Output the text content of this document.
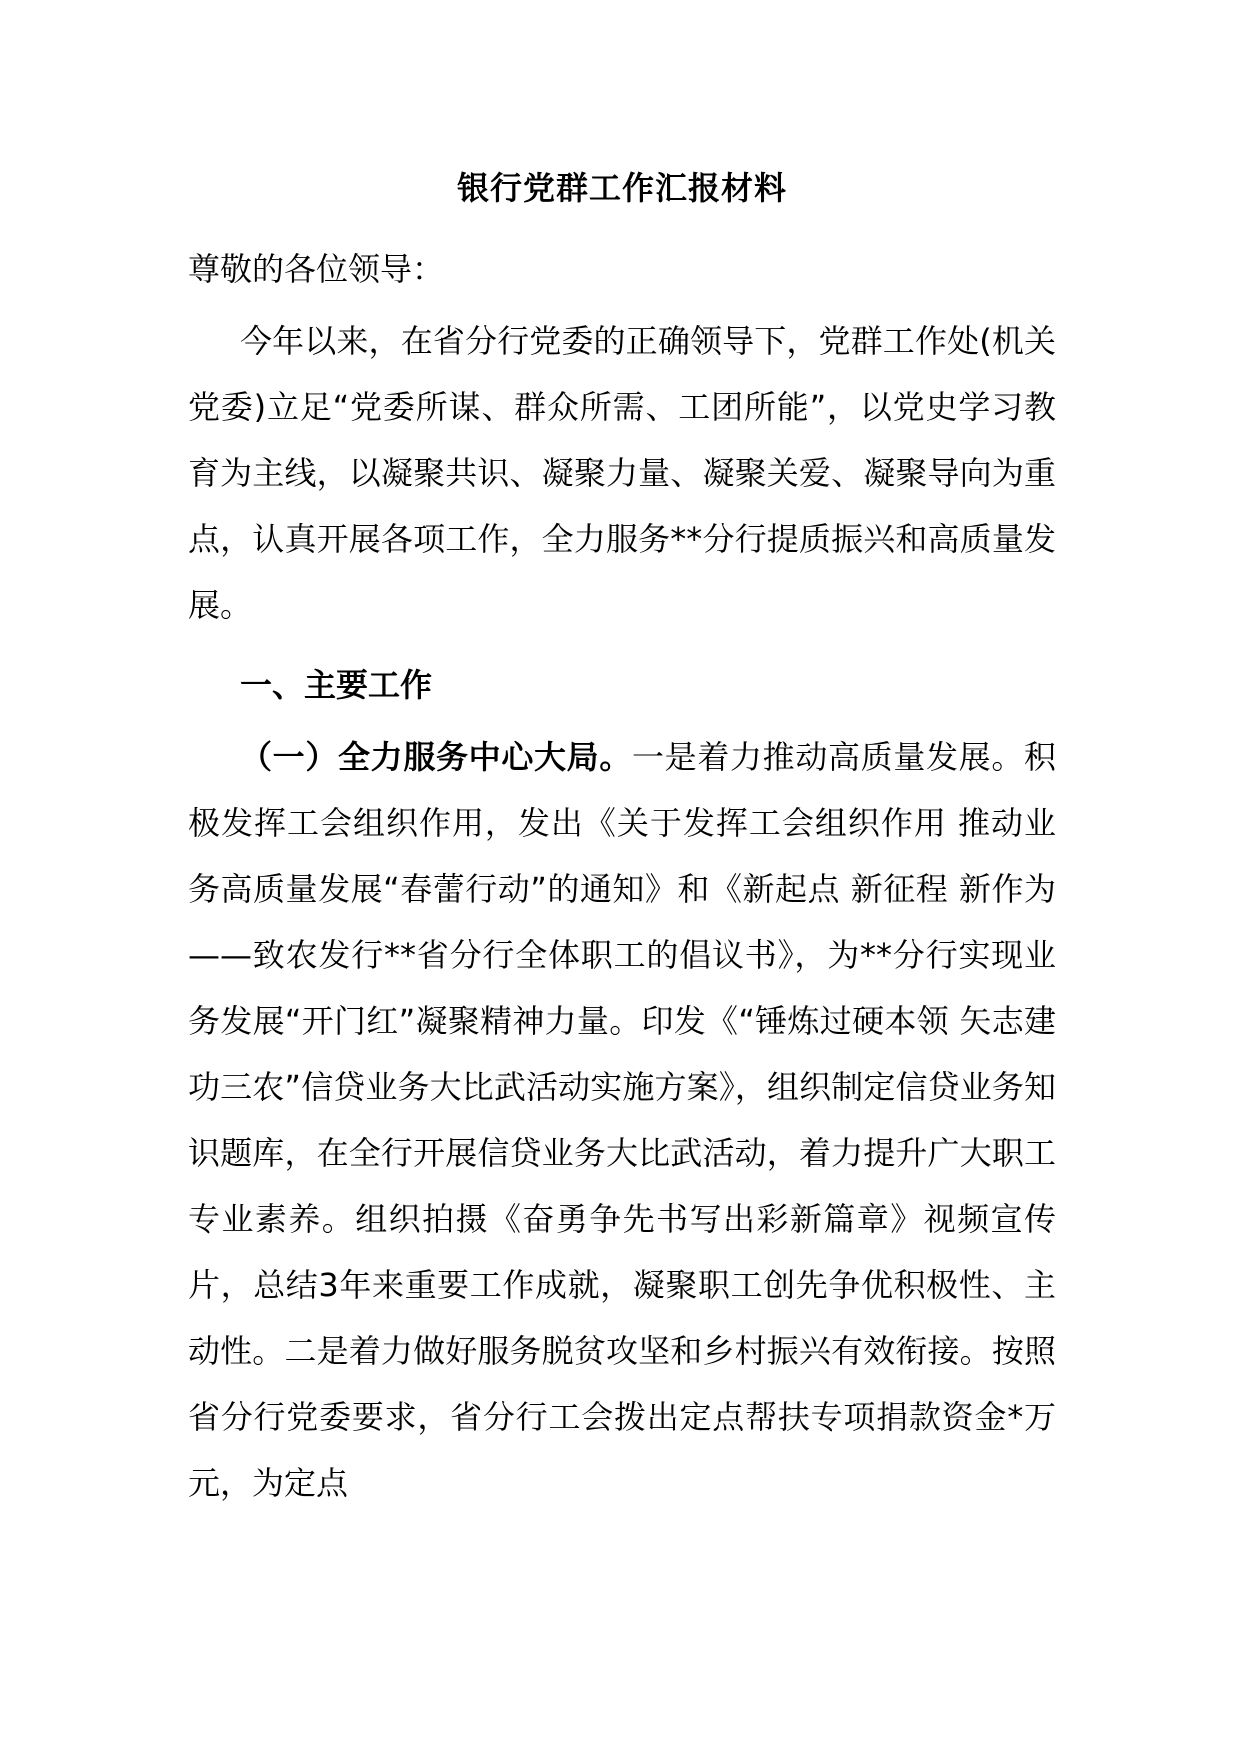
银行党群工作汇报材料

尊敬的各位领导：

今年以来，在省分行党委的正确领导下，党群工作处(机关党委)立足“党委所谋、群众所需、工团所能”，以党史学习教育为主线，以凝聚共识、凝聚力量、凝聚关爱、凝聚导向为重点，认真开展各项工作，全力服务**分行提质振兴和高质量发展。

一、主要工作

（一）全力服务中心大局。一是着力推动高质量发展。积极发挥工会组织作用，发出《关于发挥工会组织作用 推动业务高质量发展“春蕾行动”的通知》和《新起点 新征程 新作为——致农发行**省分行全体职工的倡议书》，为**分行实现业务发展“开门红”凝聚精神力量。印发《“锤炼过硬本领 矢志建功三农”信贷业务大比武活动实施方案》，组织制定信贷业务知识题库，在全行开展信贷业务大比武活动，着力提升广大职工专业素养。组织拍摄《奋勇争先书写出彩新篇章》视频宣传片，总结3年来重要工作成就，凝聚职工创先争优积极性、主动性。二是着力做好服务脱贫攻坚和乡村振兴有效衔接。按照省分行党委要求，省分行工会拨出定点帮扶专项捐款资金*万元，为定点
